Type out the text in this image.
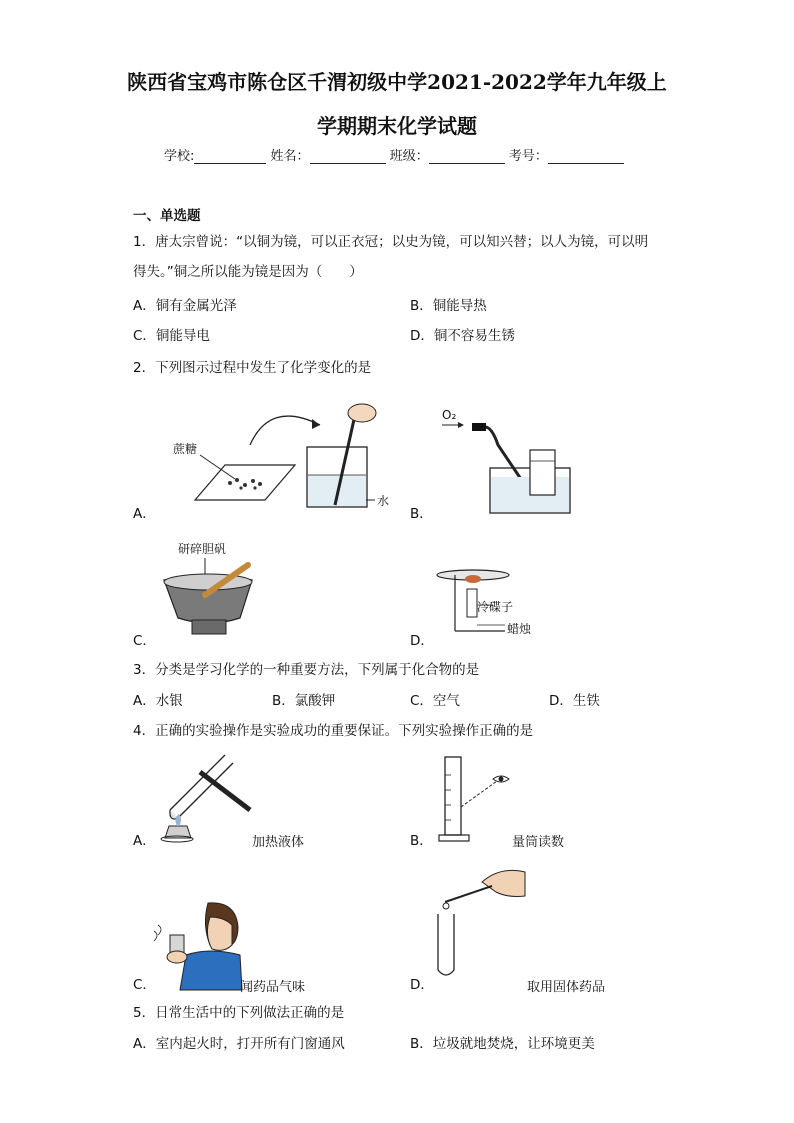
陕西省宝鸡市陈仓区千渭初级中学2021-2022学年九年级上
学期期末化学试题
学校:	姓名：	班级：	考号：
一、单选题
1．唐太宗曾说：“以铜为镜，可以正衣冠；以史为镜，可以知兴替；以人为镜，可以明
得失。”铜之所以能为镜是因为（　　）
A．铜有金属光泽	B．铜能导热
C．铜能导电	D．铜不容易生锈
2．下列图示过程中发生了化学变化的是
A．
蔗糖
水
B．
O₂
C．
研碎胆矾
D．
冷碟子
蜡烛
3．分类是学习化学的一种重要方法，下列属于化合物的是
A．水银	B．氯酸钾	C．空气	D．生铁
4．正确的实验操作是实验成功的重要保证。下列实验操作正确的是
A．	加热液体	B．	量筒读数
C．	闻药品气味	D．	取用固体药品
5．日常生活中的下列做法正确的是
A．室内起火时，打开所有门窗通风	B．垃圾就地焚烧，让环境更美
